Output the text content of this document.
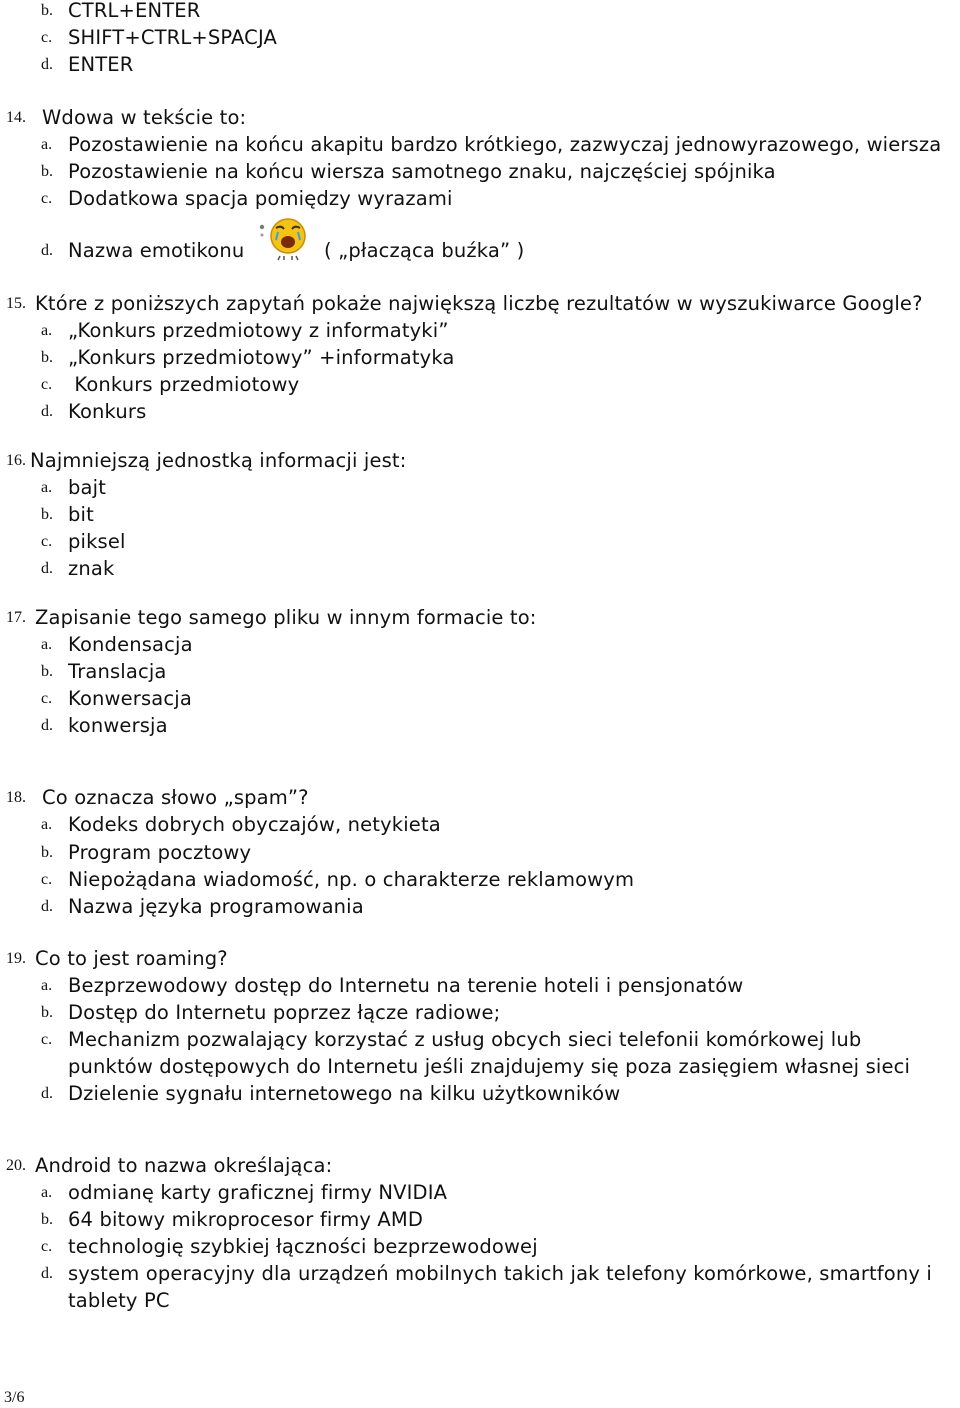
b. CTRL+ENTER
c. SHIFT+CTRL+SPACJA
d. ENTER
14. Wdowa w tekście to:
a. Pozostawienie na końcu akapitu bardzo krótkiego, zazwyczaj jednowyrazowego, wiersza
b. Pozostawienie na końcu wiersza samotnego znaku, najczęściej spójnika
c. Dodatkowa spacja pomiędzy wyrazami
d. Nazwa emotikonu	( „płacząca buźka” )
15. Które z poniższych zapytań pokaże największą liczbę rezultatów w wyszukiwarce Google?
a. „Konkurs przedmiotowy z informatyki”
b. „Konkurs przedmiotowy” +informatyka
c. Konkurs przedmiotowy
d. Konkurs
16. Najmniejszą jednostką informacji jest:
a. bajt
b. bit
c. piksel
d. znak
17. Zapisanie tego samego pliku w innym formacie to:
a. Kondensacja
b. Translacja
c. Konwersacja
d. konwersja
18. Co oznacza słowo „spam”?
a. Kodeks dobrych obyczajów, netykieta
b. Program pocztowy
c. Niepożądana wiadomość, np. o charakterze reklamowym
d. Nazwa języka programowania
19. Co to jest roaming?
a. Bezprzewodowy dostęp do Internetu na terenie hoteli i pensjonatów
b. Dostęp do Internetu poprzez łącze radiowe;
c. Mechanizm pozwalający korzystać z usług obcych sieci telefonii komórkowej lub
punktów dostępowych do Internetu jeśli znajdujemy się poza zasięgiem własnej sieci
d. Dzielenie sygnału internetowego na kilku użytkowników
20. Android to nazwa określająca:
a. odmianę karty graficznej firmy NVIDIA
b. 64 bitowy mikroprocesor firmy AMD
c. technologię szybkiej łączności bezprzewodowej
d. system operacyjny dla urządzeń mobilnych takich jak telefony komórkowe, smartfony i
tablety PC
3/6
